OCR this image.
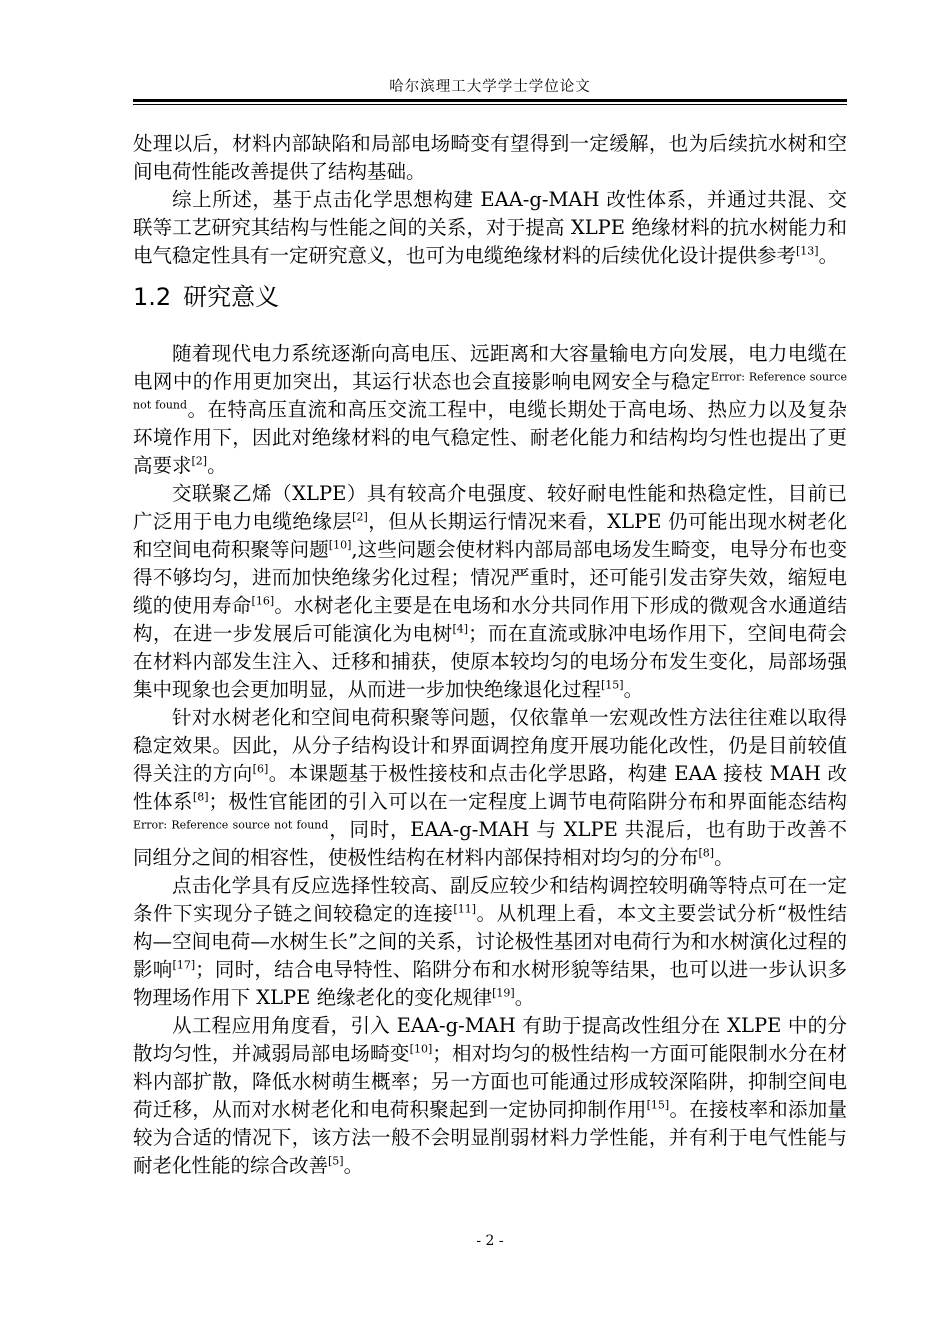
哈尔滨理工大学学士学位论文

处理以后，材料内部缺陷和局部电场畸变有望得到一定缓解，也为后续抗水树和空间电荷性能改善提供了结构基础。

综上所述，基于点击化学思想构建 EAA-g-MAH 改性体系，并通过共混、交联等工艺研究其结构与性能之间的关系，对于提高 XLPE 绝缘材料的抗水树能力和电气稳定性具有一定研究意义，也可为电缆绝缘材料的后续优化设计提供参考[13]。

1.2 研究意义

随着现代电力系统逐渐向高电压、远距离和大容量输电方向发展，电力电缆在电网中的作用更加突出，其运行状态也会直接影响电网安全与稳定$^{Error: Reference source not found}$。在特高压直流和高压交流工程中，电缆长期处于高电场、热应力以及复杂环境作用下，因此对绝缘材料的电气稳定性、耐老化能力和结构均匀性也提出了更高要求[2]。

交联聚乙烯（XLPE）具有较高介电强度、较好耐电性能和热稳定性，目前已广泛用于电力电缆绝缘层[2]，但从长期运行情况来看，XLPE 仍可能出现水树老化和空间电荷积聚等问题[10],这些问题会使材料内部局部电场发生畸变，电导分布也变得不够均匀，进而加快绝缘劣化过程；情况严重时，还可能引发击穿失效，缩短电缆的使用寿命[16]。水树老化主要是在电场和水分共同作用下形成的微观含水通道结构，在进一步发展后可能演化为电树[4]；而在直流或脉冲电场作用下，空间电荷会在材料内部发生注入、迁移和捕获，使原本较均匀的电场分布发生变化，局部场强集中现象也会更加明显，从而进一步加快绝缘退化过程[15]。

针对水树老化和空间电荷积聚等问题，仅依靠单一宏观改性方法往往难以取得稳定效果。因此，从分子结构设计和界面调控角度开展功能化改性，仍是目前较值得关注的方向[6]。本课题基于极性接枝和点击化学思路，构建 EAA 接枝 MAH 改性体系[8]；极性官能团的引入可以在一定程度上调节电荷陷阱分布和界面能态结构$^{Error: Reference source not found}$，同时，EAA-g-MAH 与 XLPE 共混后，也有助于改善不同组分之间的相容性，使极性结构在材料内部保持相对均匀的分布[8]。

点击化学具有反应选择性较高、副反应较少和结构调控较明确等特点可在一定条件下实现分子链之间较稳定的连接[11]。从机理上看，本文主要尝试分析“极性结构—空间电荷—水树生长”之间的关系，讨论极性基团对电荷行为和水树演化过程的影响[17]；同时，结合电导特性、陷阱分布和水树形貌等结果，也可以进一步认识多物理场作用下 XLPE 绝缘老化的变化规律[19]。

从工程应用角度看，引入 EAA-g-MAH 有助于提高改性组分在 XLPE 中的分散均匀性，并减弱局部电场畸变[10]；相对均匀的极性结构一方面可能限制水分在材料内部扩散，降低水树萌生概率；另一方面也可能通过形成较深陷阱，抑制空间电荷迁移，从而对水树老化和电荷积聚起到一定协同抑制作用[15]。在接枝率和添加量较为合适的情况下，该方法一般不会明显削弱材料力学性能，并有利于电气性能与耐老化性能的综合改善[5]。

- 2 -
